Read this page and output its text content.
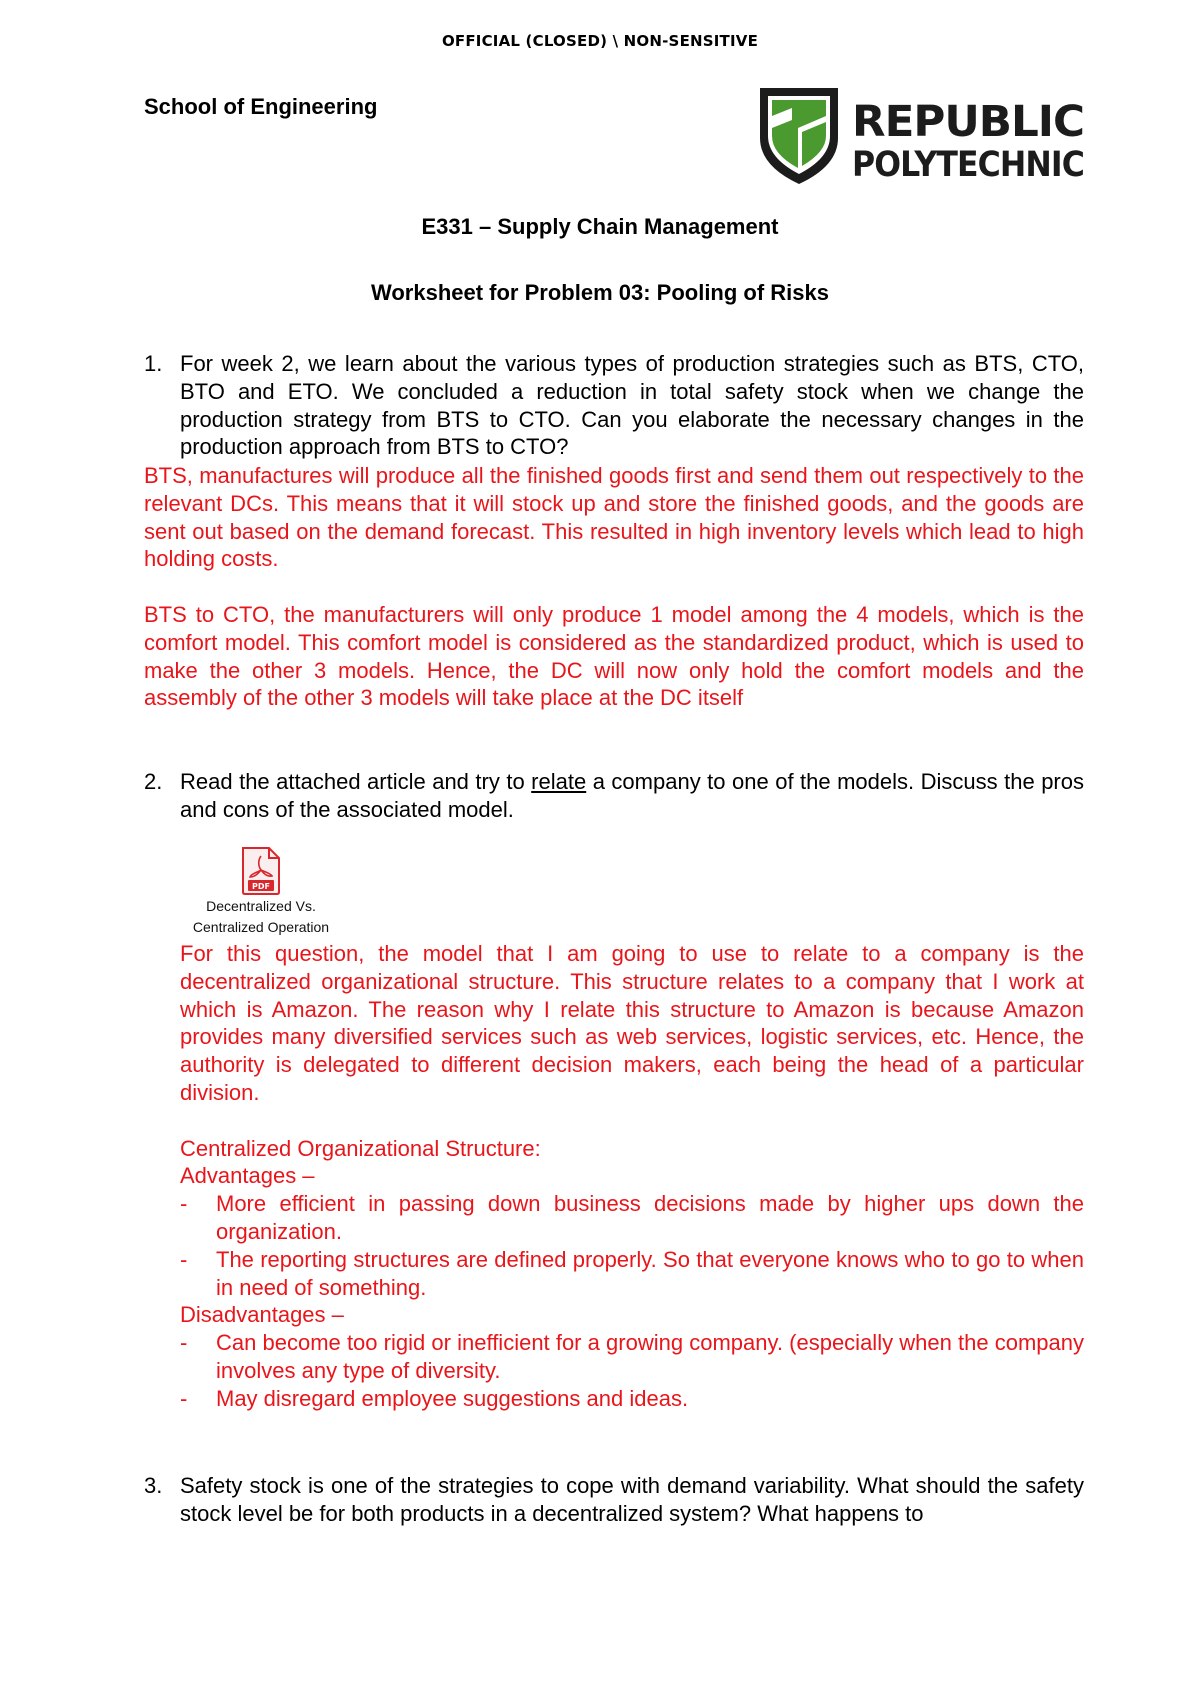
OFFICIAL (CLOSED) \ NON-SENSITIVE
School of Engineering	REPUBLIC
POLYTECHNIC
E331 – Supply Chain Management
Worksheet for Problem 03: Pooling of Risks
1. For week 2, we learn about the various types of production strategies such as BTS, CTO, BTO and ETO. We concluded a reduction in total safety stock when we change the production strategy from BTS to CTO. Can you elaborate the necessary changes in the production approach from BTS to CTO?

BTS, manufactures will produce all the finished goods first and send them out respectively to the relevant DCs. This means that it will stock up and store the finished goods, and the goods are sent out based on the demand forecast. This resulted in high inventory levels which lead to high holding costs.

BTS to CTO, the manufacturers will only produce 1 model among the 4 models, which is the comfort model. This comfort model is considered as the standardized product, which is used to make the other 3 models. Hence, the DC will now only hold the comfort models and the assembly of the other 3 models will take place at the DC itself

2. Read the attached article and try to relate a company to one of the models. Discuss the pros and cons of the associated model.
PDF
Decentralized Vs.
Centralized Operation

For this question, the model that I am going to use to relate to a company is the decentralized organizational structure. This structure relates to a company that I work at which is Amazon. The reason why I relate this structure to Amazon is because Amazon provides many diversified services such as web services, logistic services, etc. Hence, the authority is delegated to different decision makers, each being the head of a particular division.

Centralized Organizational Structure:

Advantages –

- More efficient in passing down business decisions made by higher ups down the organization.
- The reporting structures are defined properly. So that everyone knows who to go to when in need of something.

Disadvantages –

- Can become too rigid or inefficient for a growing company. (especially when the company involves any type of diversity.
- May disregard employee suggestions and ideas.
3. Safety stock is one of the strategies to cope with demand variability. What should the safety stock level be for both products in a decentralized system? What happens to
